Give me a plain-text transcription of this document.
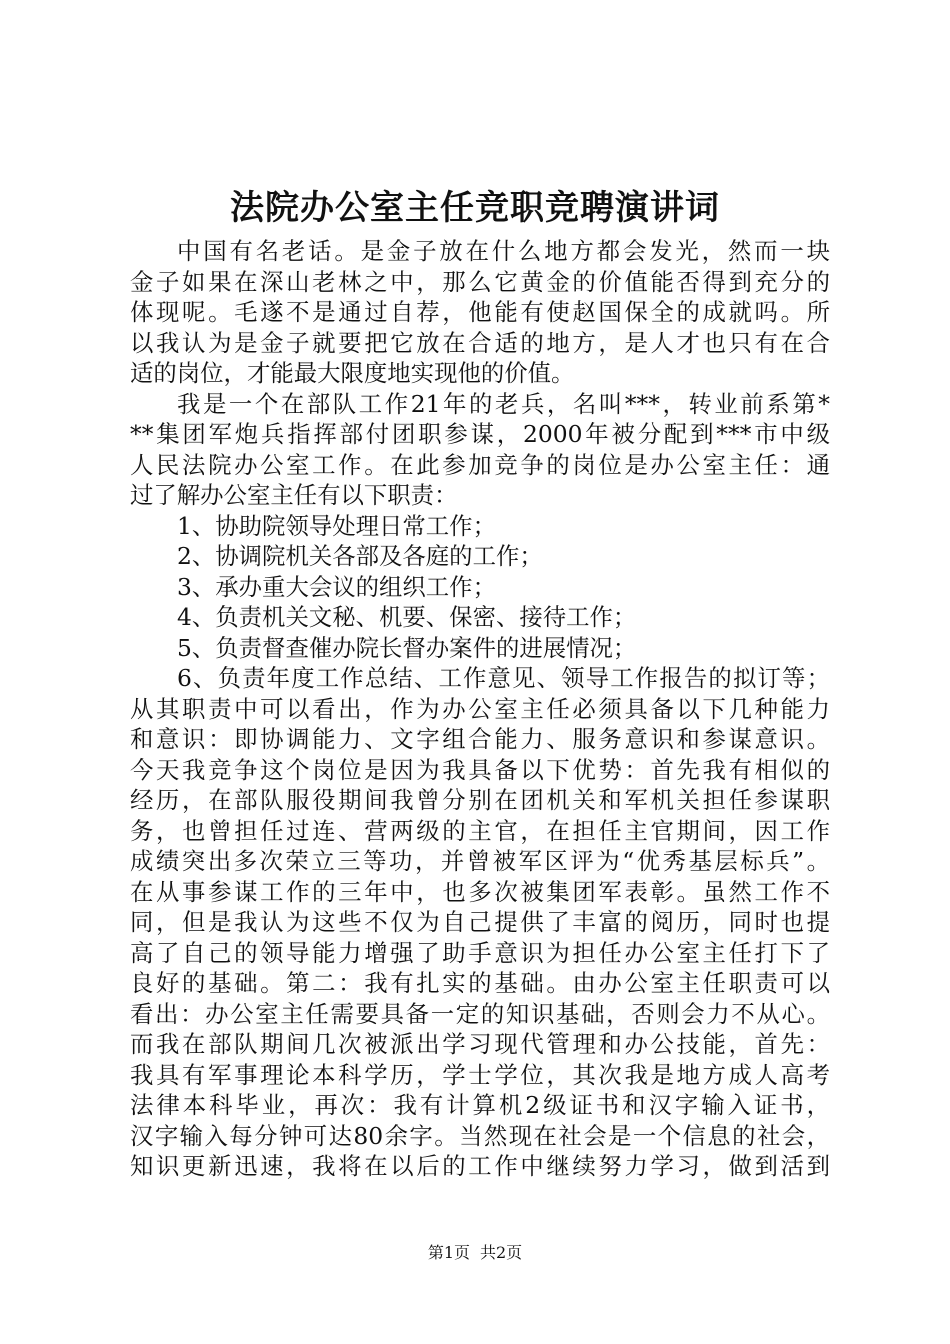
法院办公室主任竞职竞聘演讲词
中国有名老话。是金子放在什么地方都会发光，然而一块
金子如果在深山老林之中，那么它黄金的价值能否得到充分的
体现呢。毛遂不是通过自荐，他能有使赵国保全的成就吗。所
以我认为是金子就要把它放在合适的地方，是人才也只有在合
适的岗位，才能最大限度地实现他的价值。
我是一个在部队工作21年的老兵，名叫***，转业前系第*
**集团军炮兵指挥部付团职参谋，2000年被分配到***市中级
人民法院办公室工作。在此参加竞争的岗位是办公室主任：通
过了解办公室主任有以下职责：
1、协助院领导处理日常工作；
2、协调院机关各部及各庭的工作；
3、承办重大会议的组织工作；
4、负责机关文秘、机要、保密、接待工作；
5、负责督查催办院长督办案件的进展情况；
6、负责年度工作总结、工作意见、领导工作报告的拟订等；
从其职责中可以看出，作为办公室主任必须具备以下几种能力
和意识：即协调能力、文字组合能力、服务意识和参谋意识。
今天我竞争这个岗位是因为我具备以下优势：首先我有相似的
经历，在部队服役期间我曾分别在团机关和军机关担任参谋职
务，也曾担任过连、营两级的主官，在担任主官期间，因工作
成绩突出多次荣立三等功，并曾被军区评为“优秀基层标兵”。
在从事参谋工作的三年中，也多次被集团军表彰。虽然工作不
同，但是我认为这些不仅为自己提供了丰富的阅历，同时也提
高了自己的领导能力增强了助手意识为担任办公室主任打下了
良好的基础。第二：我有扎实的基础。由办公室主任职责可以
看出：办公室主任需要具备一定的知识基础，否则会力不从心。
而我在部队期间几次被派出学习现代管理和办公技能，首先：
我具有军事理论本科学历，学士学位，其次我是地方成人高考
法律本科毕业，再次：我有计算机2级证书和汉字输入证书，
汉字输入每分钟可达80余字。当然现在社会是一个信息的社会，
知识更新迅速，我将在以后的工作中继续努力学习，做到活到
第1页 共2页
